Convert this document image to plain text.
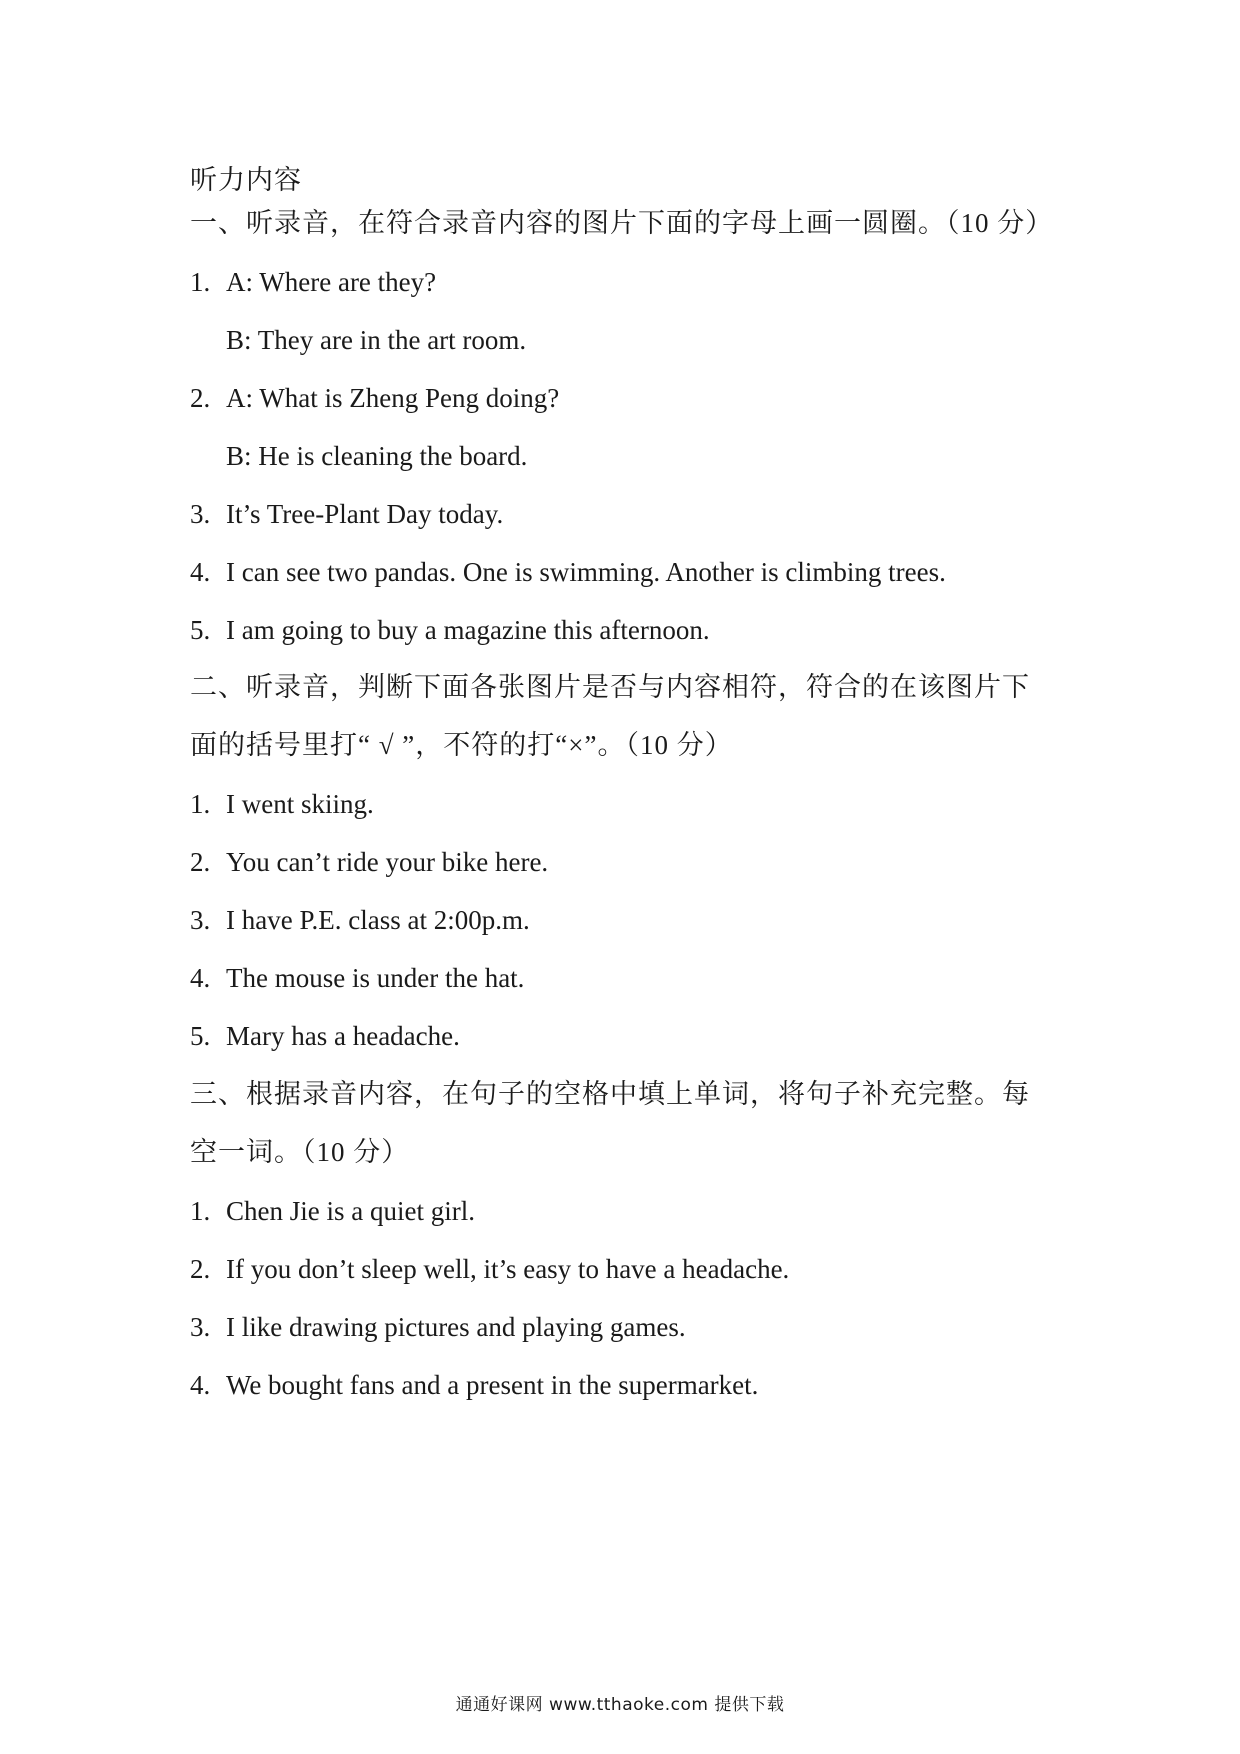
听力内容
一、听录音，在符合录音内容的图片下面的字母上画一圆圈。（10 分）
1. A: Where are they?
B: They are in the art room.
2. A: What is Zheng Peng doing?
B: He is cleaning the board.
3. It’s Tree-Plant Day today.
4. I can see two pandas. One is swimming. Another is climbing trees.
5. I am going to buy a magazine this afternoon.
二、听录音，判断下面各张图片是否与内容相符，符合的在该图片下
面的括号里打“ √ ”，不符的打“×”。（10 分）
1. I went skiing.
2. You can’t ride your bike here.
3. I have P.E. class at 2:00p.m.
4. The mouse is under the hat.
5. Mary has a headache.
三、根据录音内容，在句子的空格中填上单词，将句子补充完整。每
空一词。（10 分）
1. Chen Jie is a quiet girl.
2. If you don’t sleep well, it’s easy to have a headache.
3. I like drawing pictures and playing games.
4. We bought fans and a present in the supermarket.
通通好课网 www.tthaoke.com 提供下载
